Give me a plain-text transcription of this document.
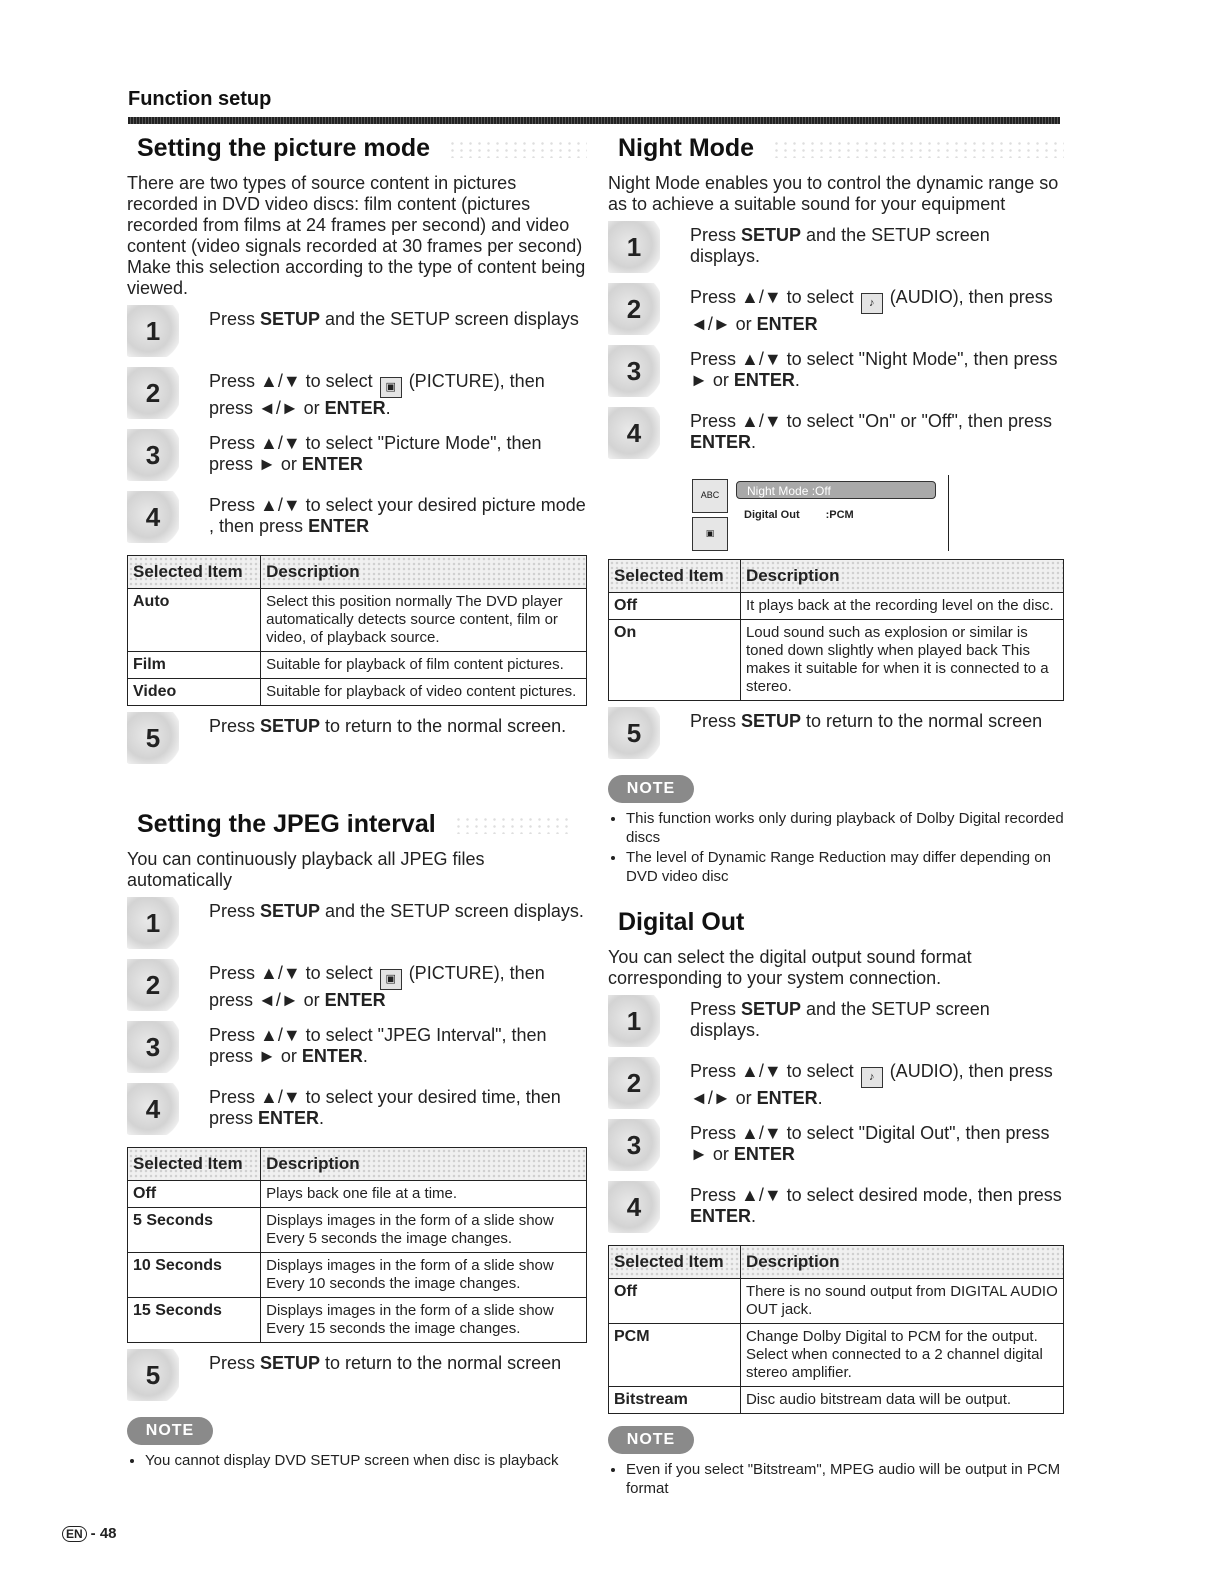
Function setup
Setting the picture mode

There are two types of source content in pictures recorded in DVD video discs: film content (pictures recorded from films at 24 frames per second) and video content (video signals recorded at 30 frames per second) Make this selection according to the type of content being viewed.

1	Press SETUP and the SETUP screen displays
2	Press ▲/▼ to select ▣ (PICTURE), then press ◄/► or ENTER.
3	Press ▲/▼ to select "Picture Mode", then press ► or ENTER
4	Press ▲/▼ to select your desired picture mode , then press ENTER
Selected Item	Description
Auto	Select this position normally The DVD player automatically detects source content, film or video, of playback source.
Film	Suitable for playback of film content pictures.
Video	Suitable for playback of video content pictures.
5	Press SETUP to return to the normal screen.
Setting the JPEG interval

You can continuously playback all JPEG files automatically

1	Press SETUP and the SETUP screen displays.
2	Press ▲/▼ to select ▣ (PICTURE), then press ◄/► or ENTER
3	Press ▲/▼ to select "JPEG Interval", then press ► or ENTER.
4	Press ▲/▼ to select your desired time, then press ENTER.
Selected Item	Description
Off	Plays back one file at a time.
5 Seconds	Displays images in the form of a slide show Every 5 seconds the image changes.
10 Seconds	Displays images in the form of a slide show Every 10 seconds the image changes.
15 Seconds	Displays images in the form of a slide show Every 15 seconds the image changes.
5	Press SETUP to return to the normal screen
NOTE
• You cannot display DVD SETUP screen when disc is playback
Night Mode

Night Mode enables you to control the dynamic range so as to achieve a suitable sound for your equipment

1	Press SETUP and the SETUP screen displays.
2	Press ▲/▼ to select ♪ (AUDIO), then press ◄/► or ENTER
3	Press ▲/▼ to select "Night Mode", then press ► or ENTER.
4	Press ▲/▼ to select "On" or "Off", then press ENTER.
ABC
▣
Night Mode :Off
Digital Out :PCM
Selected Item	Description
Off	It plays back at the recording level on the disc.
On	Loud sound such as explosion or similar is toned down slightly when played back This makes it suitable for when it is connected to a stereo.
5	Press SETUP to return to the normal screen
NOTE
• This function works only during playback of Dolby Digital recorded discs
• The level of Dynamic Range Reduction may differ depending on DVD video disc
Digital Out

You can select the digital output sound format corresponding to your system connection.

1	Press SETUP and the SETUP screen displays.
2	Press ▲/▼ to select ♪ (AUDIO), then press ◄/► or ENTER.
3	Press ▲/▼ to select "Digital Out", then press ► or ENTER
4	Press ▲/▼ to select desired mode, then press ENTER.
Selected Item	Description
Off	There is no sound output from DIGITAL AUDIO OUT jack.
PCM	Change Dolby Digital to PCM for the output. Select when connected to a 2 channel digital stereo amplifier.
Bitstream	Disc audio bitstream data will be output.
NOTE
• Even if you select "Bitstream", MPEG audio will be output in PCM format
EN - 48
